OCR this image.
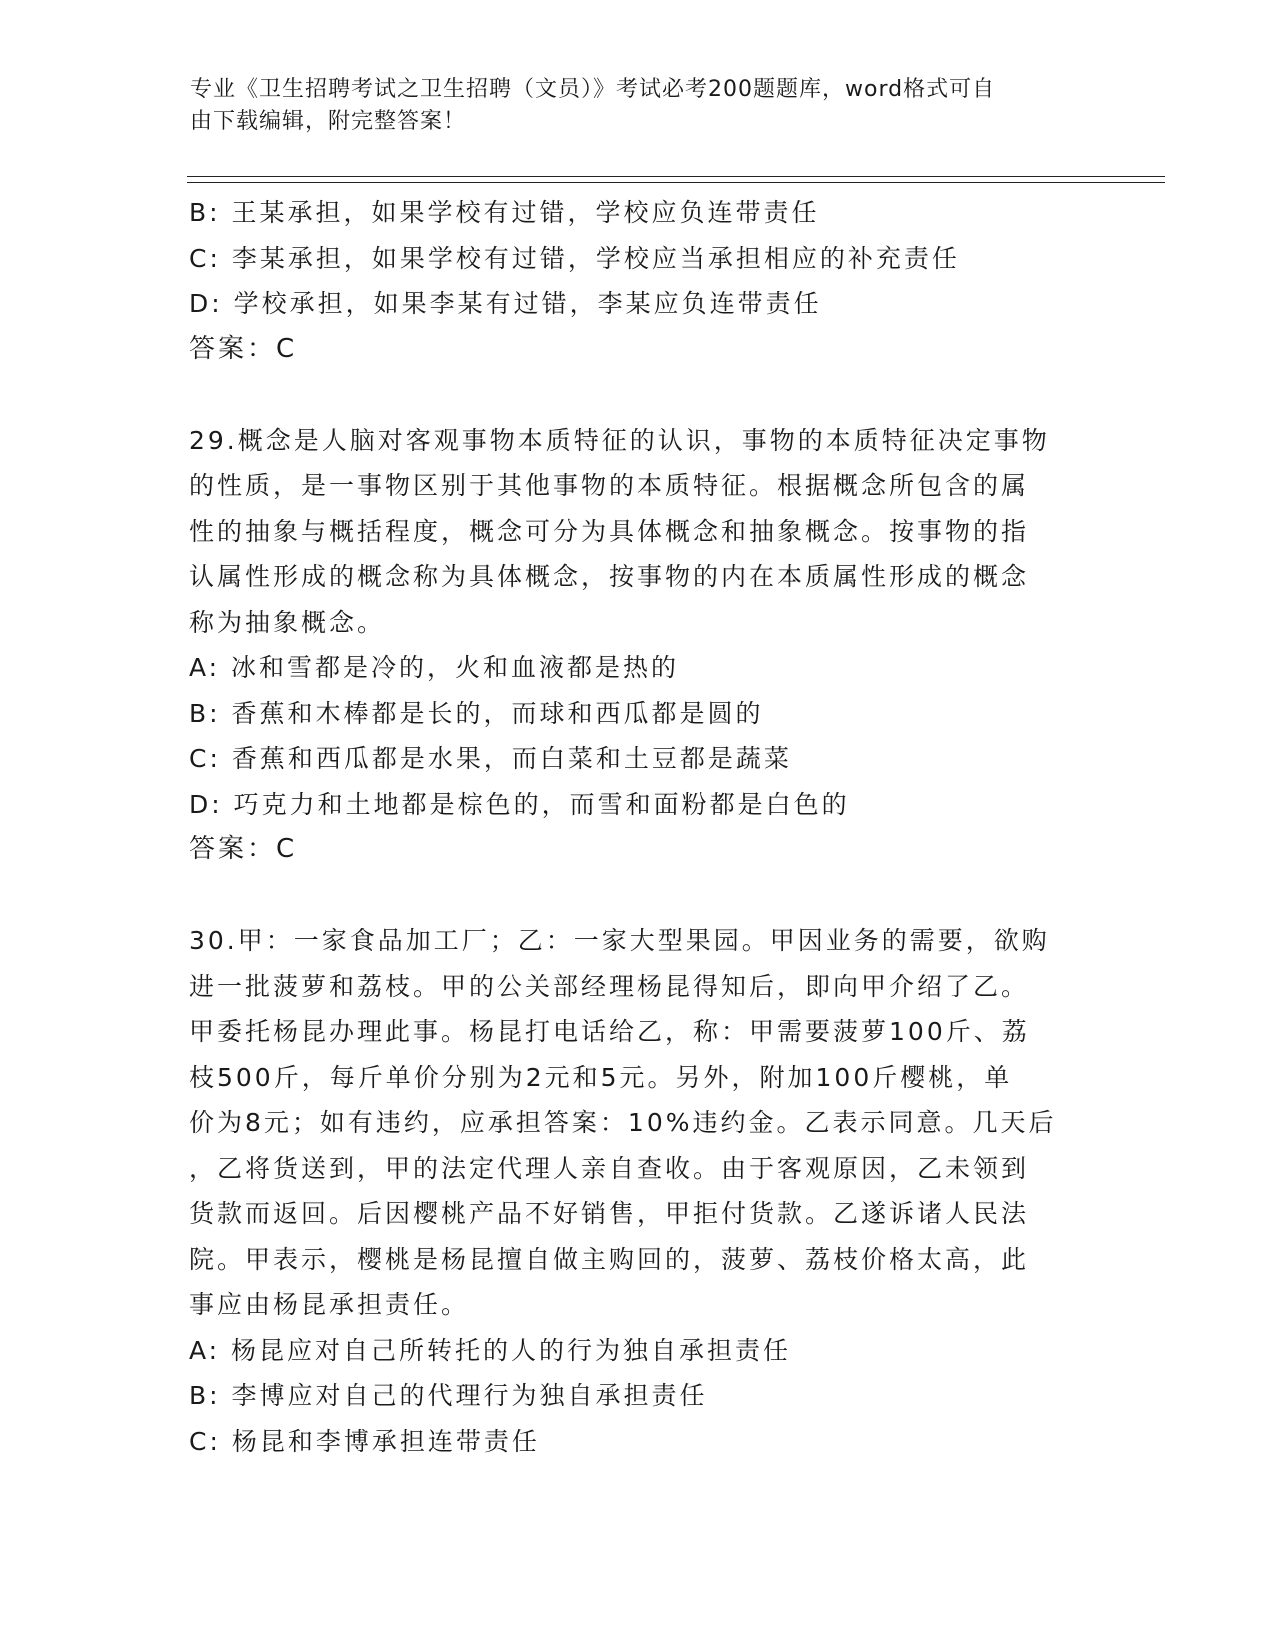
专业《卫生招聘考试之卫生招聘（文员）》考试必考200题题库，word格式可自
由下载编辑，附完整答案！
B: 王某承担，如果学校有过错，学校应负连带责任
C: 李某承担，如果学校有过错，学校应当承担相应的补充责任
D: 学校承担，如果李某有过错，李某应负连带责任
答案：C
29.概念是人脑对客观事物本质特征的认识，事物的本质特征决定事物
的性质，是一事物区别于其他事物的本质特征。根据概念所包含的属
性的抽象与概括程度，概念可分为具体概念和抽象概念。按事物的指
认属性形成的概念称为具体概念，按事物的内在本质属性形成的概念
称为抽象概念。
A: 冰和雪都是冷的，火和血液都是热的
B: 香蕉和木棒都是长的，而球和西瓜都是圆的
C: 香蕉和西瓜都是水果，而白菜和土豆都是蔬菜
D: 巧克力和土地都是棕色的，而雪和面粉都是白色的
答案：C
30.甲：一家食品加工厂；乙：一家大型果园。甲因业务的需要，欲购
进一批菠萝和荔枝。甲的公关部经理杨昆得知后，即向甲介绍了乙。
甲委托杨昆办理此事。杨昆打电话给乙，称：甲需要菠萝100斤、荔
枝500斤，每斤单价分别为2元和5元。另外，附加100斤樱桃，单
价为8元；如有违约，应承担答案：10%违约金。乙表示同意。几天后
，乙将货送到，甲的法定代理人亲自查收。由于客观原因，乙未领到
货款而返回。后因樱桃产品不好销售，甲拒付货款。乙遂诉诸人民法
院。甲表示，樱桃是杨昆擅自做主购回的，菠萝、荔枝价格太高，此
事应由杨昆承担责任。
A: 杨昆应对自己所转托的人的行为独自承担责任
B: 李博应对自己的代理行为独自承担责任
C: 杨昆和李博承担连带责任
